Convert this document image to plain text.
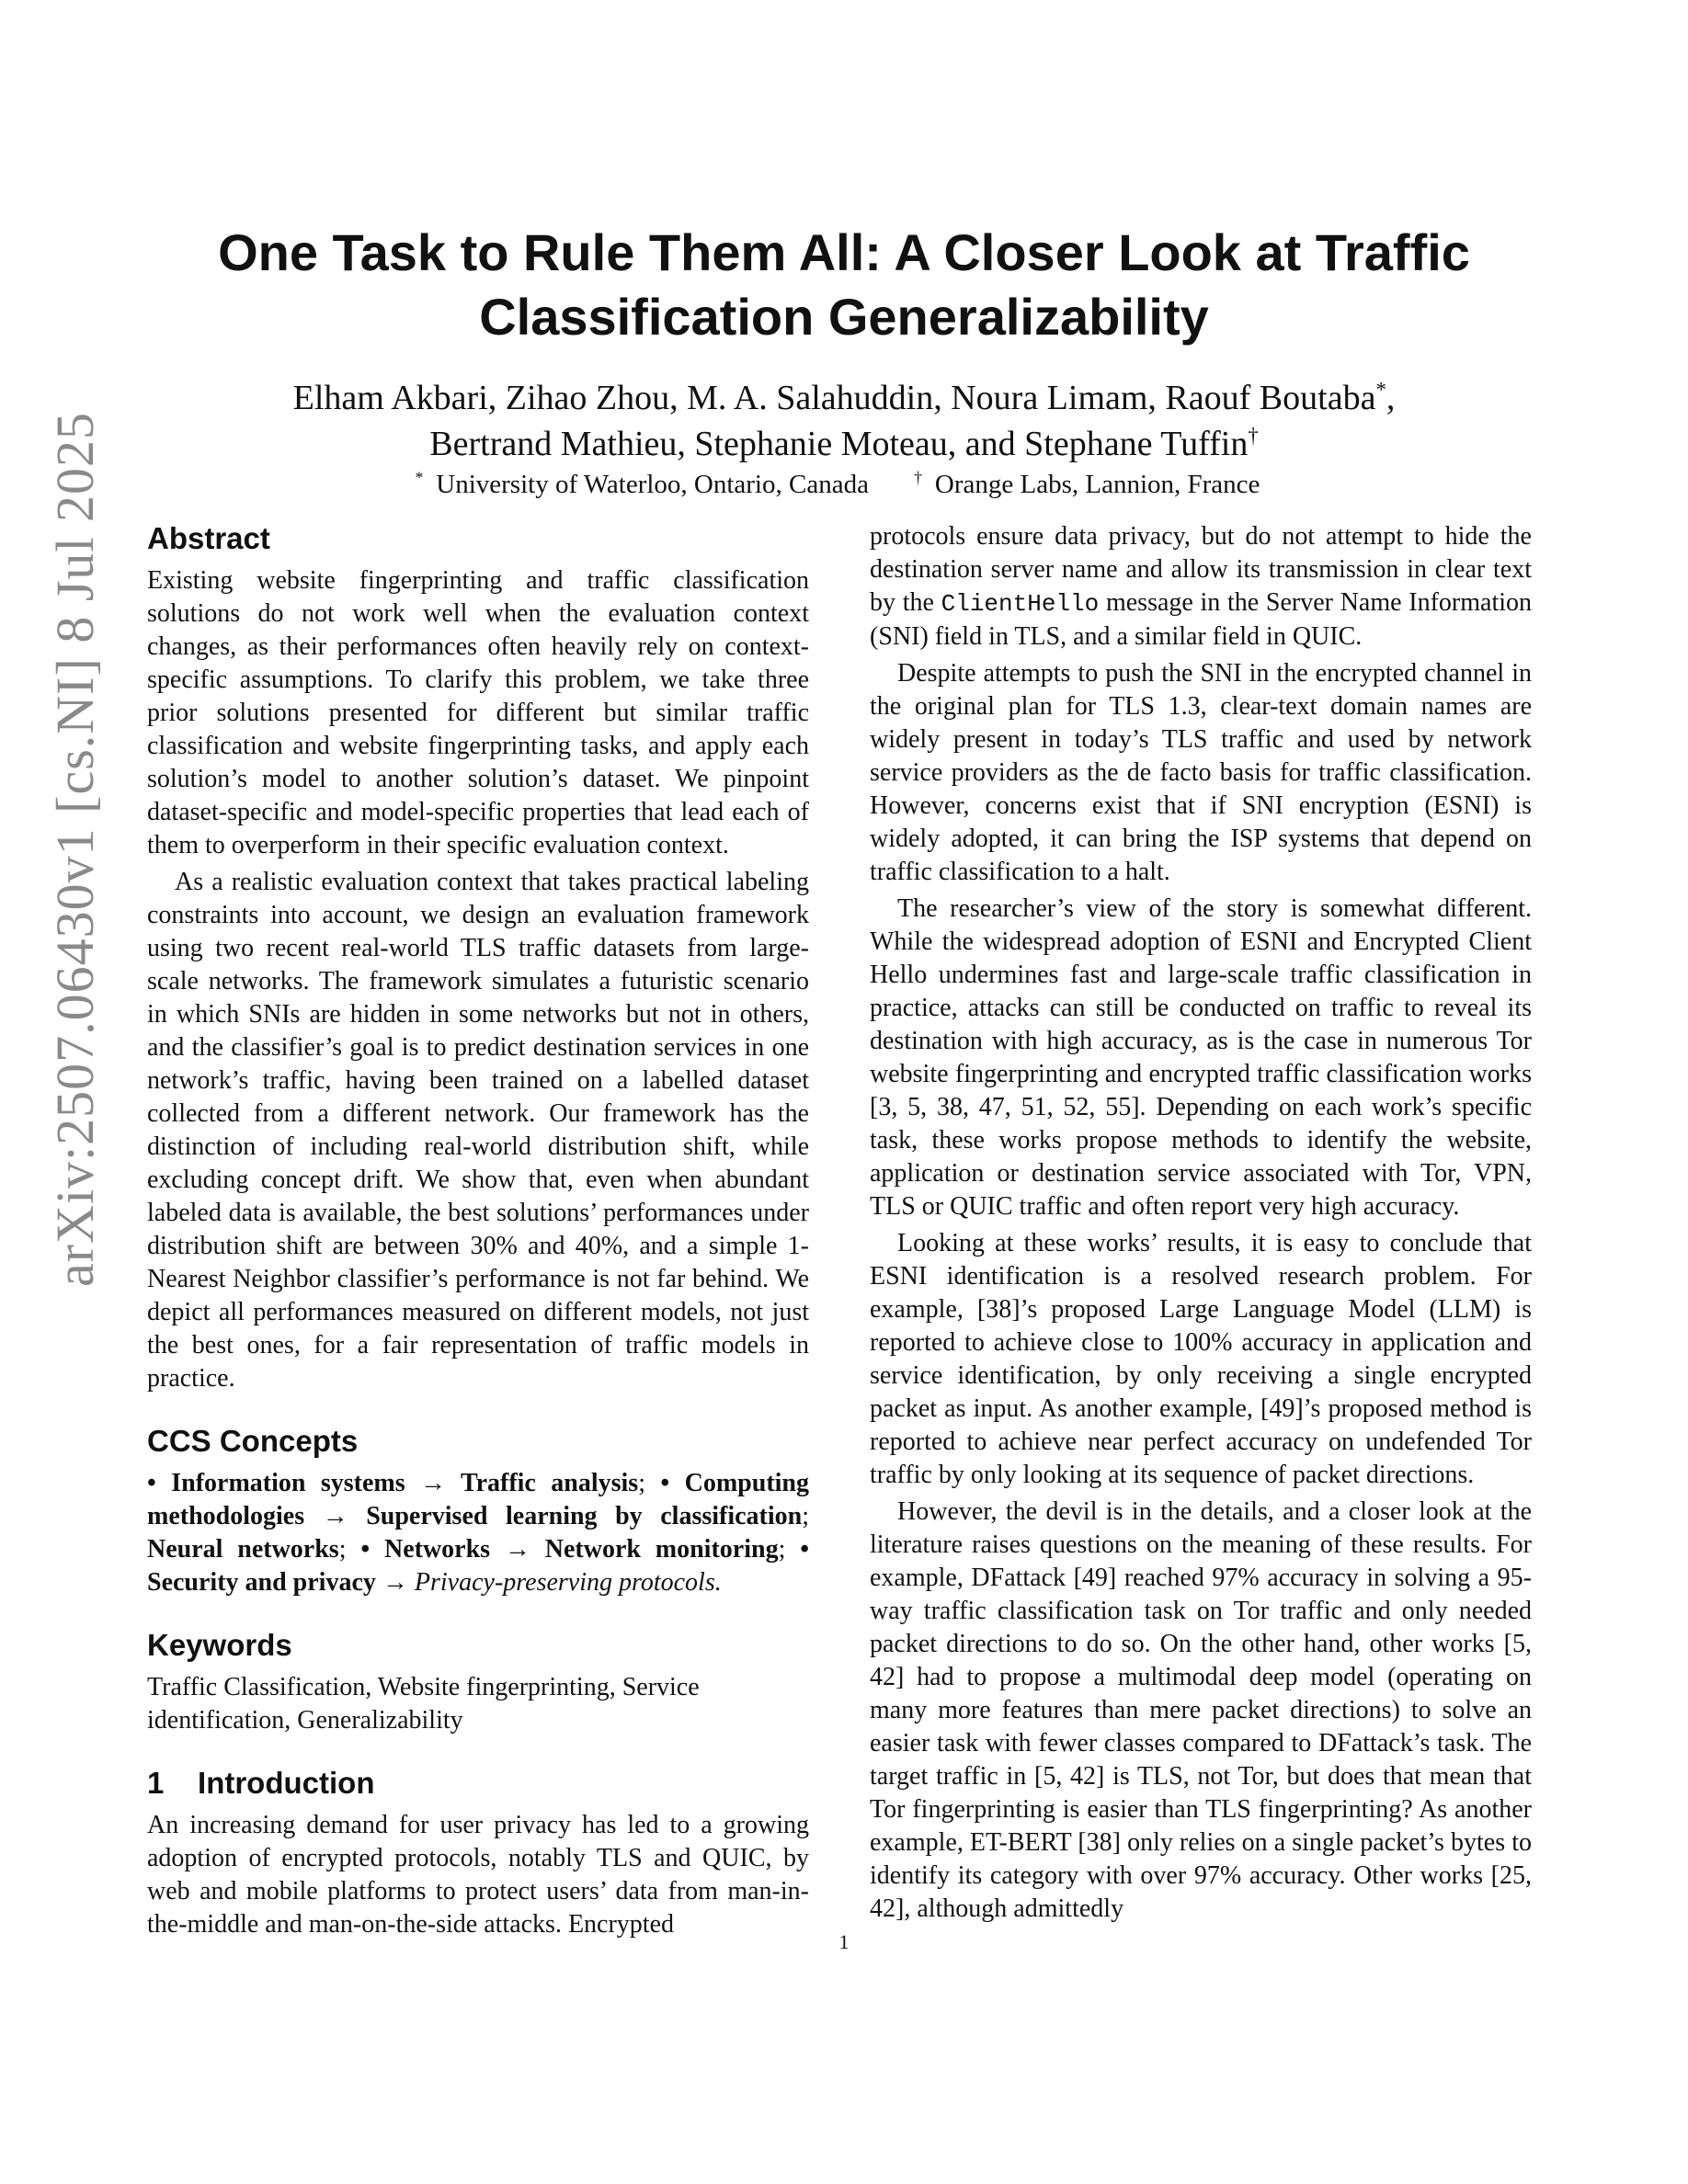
arXiv:2507.06430v1 [cs.NI] 8 Jul 2025
One Task to Rule Them All: A Closer Look at Traffic Classification Generalizability
Elham Akbari, Zihao Zhou, M. A. Salahuddin, Noura Limam, Raouf Boutaba*,
Bertrand Mathieu, Stephanie Moteau, and Stephane Tuffin†
* University of Waterloo, Ontario, Canada	† Orange Labs, Lannion, France
Abstract

Existing website fingerprinting and traffic classification solutions do not work well when the evaluation context changes, as their performances often heavily rely on context-specific assumptions. To clarify this problem, we take three prior solutions presented for different but similar traffic classification and website fingerprinting tasks, and apply each solution’s model to another solution’s dataset. We pinpoint dataset-specific and model-specific properties that lead each of them to overperform in their specific evaluation context.

As a realistic evaluation context that takes practical labeling constraints into account, we design an evaluation framework using two recent real-world TLS traffic datasets from large-scale networks. The framework simulates a futuristic scenario in which SNIs are hidden in some networks but not in others, and the classifier’s goal is to predict destination services in one network’s traffic, having been trained on a labelled dataset collected from a different network. Our framework has the distinction of including real-world distribution shift, while excluding concept drift. We show that, even when abundant labeled data is available, the best solutions’ performances under distribution shift are between 30% and 40%, and a simple 1-Nearest Neighbor classifier’s performance is not far behind. We depict all performances measured on different models, not just the best ones, for a fair representation of traffic models in practice.

CCS Concepts

• Information systems → Traffic analysis; • Computing methodologies → Supervised learning by classification; Neural networks; • Networks → Network monitoring; • Security and privacy → Privacy-preserving protocols.

Keywords

Traffic Classification, Website fingerprinting, Service identification, Generalizability

1    Introduction

An increasing demand for user privacy has led to a growing adoption of encrypted protocols, notably TLS and QUIC, by web and mobile platforms to protect users’ data from man-in-the-middle and man-on-the-side attacks. Encrypted

protocols ensure data privacy, but do not attempt to hide the destination server name and allow its transmission in clear text by the ClientHello message in the Server Name Information (SNI) field in TLS, and a similar field in QUIC.

Despite attempts to push the SNI in the encrypted channel in the original plan for TLS 1.3, clear-text domain names are widely present in today’s TLS traffic and used by network service providers as the de facto basis for traffic classification. However, concerns exist that if SNI encryption (ESNI) is widely adopted, it can bring the ISP systems that depend on traffic classification to a halt.

The researcher’s view of the story is somewhat different. While the widespread adoption of ESNI and Encrypted Client Hello undermines fast and large-scale traffic classification in practice, attacks can still be conducted on traffic to reveal its destination with high accuracy, as is the case in numerous Tor website fingerprinting and encrypted traffic classification works [3, 5, 38, 47, 51, 52, 55]. Depending on each work’s specific task, these works propose methods to identify the website, application or destination service associated with Tor, VPN, TLS or QUIC traffic and often report very high accuracy.

Looking at these works’ results, it is easy to conclude that ESNI identification is a resolved research problem. For example, [38]’s proposed Large Language Model (LLM) is reported to achieve close to 100% accuracy in application and service identification, by only receiving a single encrypted packet as input. As another example, [49]’s proposed method is reported to achieve near perfect accuracy on undefended Tor traffic by only looking at its sequence of packet directions.

However, the devil is in the details, and a closer look at the literature raises questions on the meaning of these results. For example, DFattack [49] reached 97% accuracy in solving a 95-way traffic classification task on Tor traffic and only needed packet directions to do so. On the other hand, other works [5, 42] had to propose a multimodal deep model (operating on many more features than mere packet directions) to solve an easier task with fewer classes compared to DFattack’s task. The target traffic in [5, 42] is TLS, not Tor, but does that mean that Tor fingerprinting is easier than TLS fingerprinting? As another example, ET-BERT [38] only relies on a single packet’s bytes to identify its category with over 97% accuracy. Other works [25, 42], although admittedly

1
